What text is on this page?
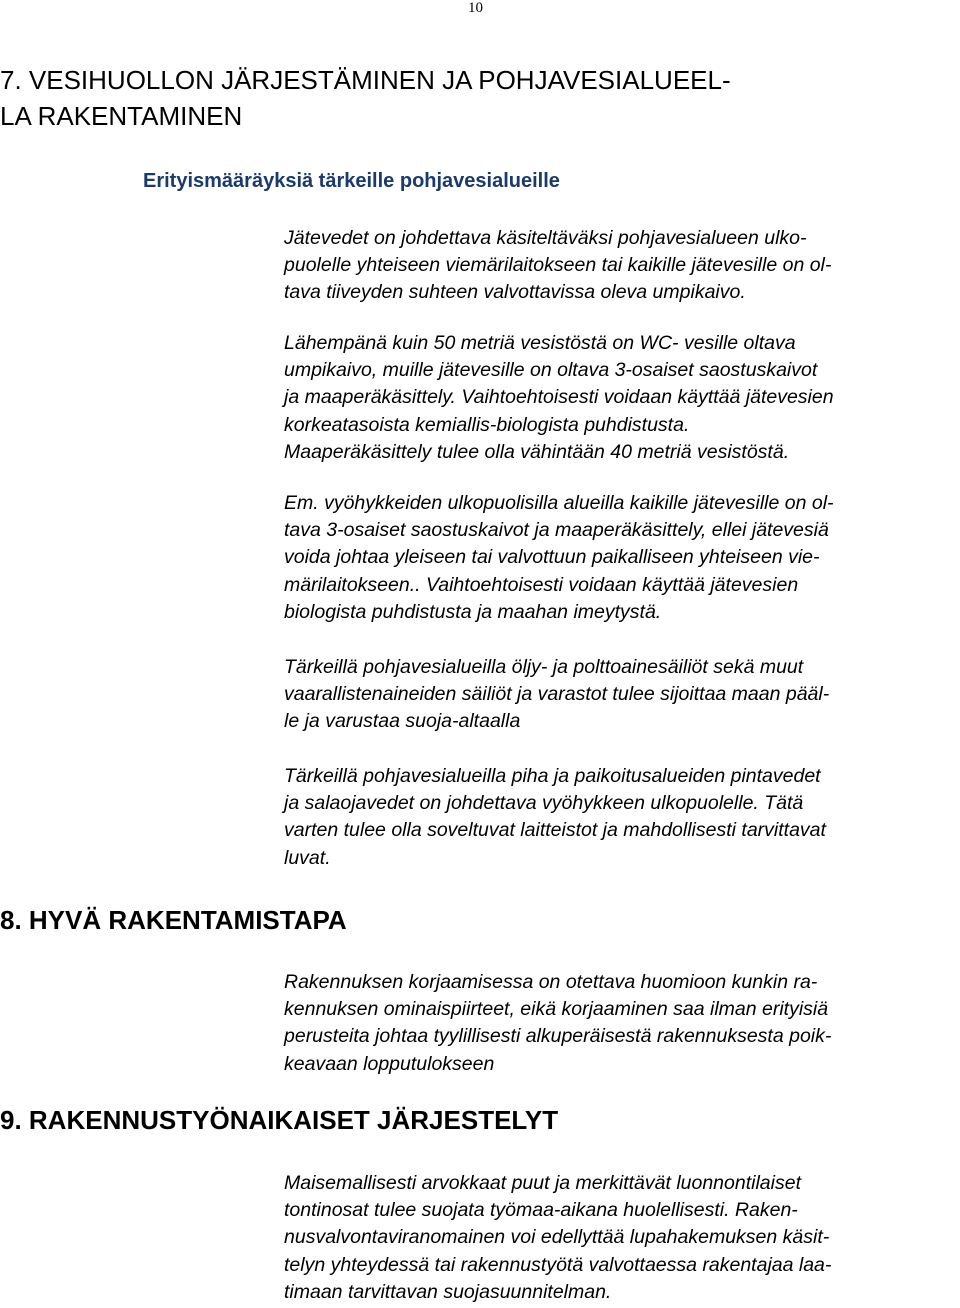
10
7. VESIHUOLLON JÄRJESTÄMINEN JA POHJAVESIALUEEL-
LA RAKENTAMINEN
Erityismääräyksiä tärkeille pohjavesialueille

Jätevedet on johdettava käsiteltäväksi pohjavesialueen ulko-
puolelle yhteiseen viemärilaitokseen tai kaikille jätevesille on ol-
tava tiiveyden suhteen valvottavissa oleva umpikaivo.

Lähempänä kuin 50 metriä vesistöstä on WC- vesille oltava
umpikaivo, muille jätevesille on oltava 3-osaiset saostuskaivot
ja maaperäkäsittely. Vaihtoehtoisesti voidaan käyttää jätevesien
korkeatasoista kemiallis-biologista puhdistusta.
Maaperäkäsittely tulee olla vähintään 40 metriä vesistöstä.

Em. vyöhykkeiden ulkopuolisilla alueilla kaikille jätevesille on ol-
tava 3-osaiset saostuskaivot ja maaperäkäsittely, ellei jätevesiä
voida johtaa yleiseen tai valvottuun paikalliseen yhteiseen vie-
märilaitokseen.. Vaihtoehtoisesti voidaan käyttää jätevesien
biologista puhdistusta ja maahan imeytystä.

Tärkeillä pohjavesialueilla öljy- ja polttoainesäiliöt sekä muut
vaarallistenaineiden säiliöt ja varastot tulee sijoittaa maan pääl-
le ja varustaa suoja-altaalla

Tärkeillä pohjavesialueilla piha ja paikoitusalueiden pintavedet
ja salaojavedet on johdettava vyöhykkeen ulkopuolelle. Tätä
varten tulee olla soveltuvat laitteistot ja mahdollisesti tarvittavat
luvat.

8. HYVÄ RAKENTAMISTAPA

Rakennuksen korjaamisessa on otettava huomioon kunkin ra-
kennuksen ominaispiirteet, eikä korjaaminen saa ilman erityisiä
perusteita johtaa tyylillisesti alkuperäisestä rakennuksesta poik-
keavaan lopputulokseen

9. RAKENNUSTYÖNAIKAISET JÄRJESTELYT

Maisemallisesti arvokkaat puut ja merkittävät luonnontilaiset
tontinosat tulee suojata työmaa-aikana huolellisesti. Raken-
nusvalvontaviranomainen voi edellyttää lupahakemuksen käsit-
telyn yhteydessä tai rakennustyötä valvottaessa rakentajaa laa-
timaan tarvittavan suojasuunnitelman.
